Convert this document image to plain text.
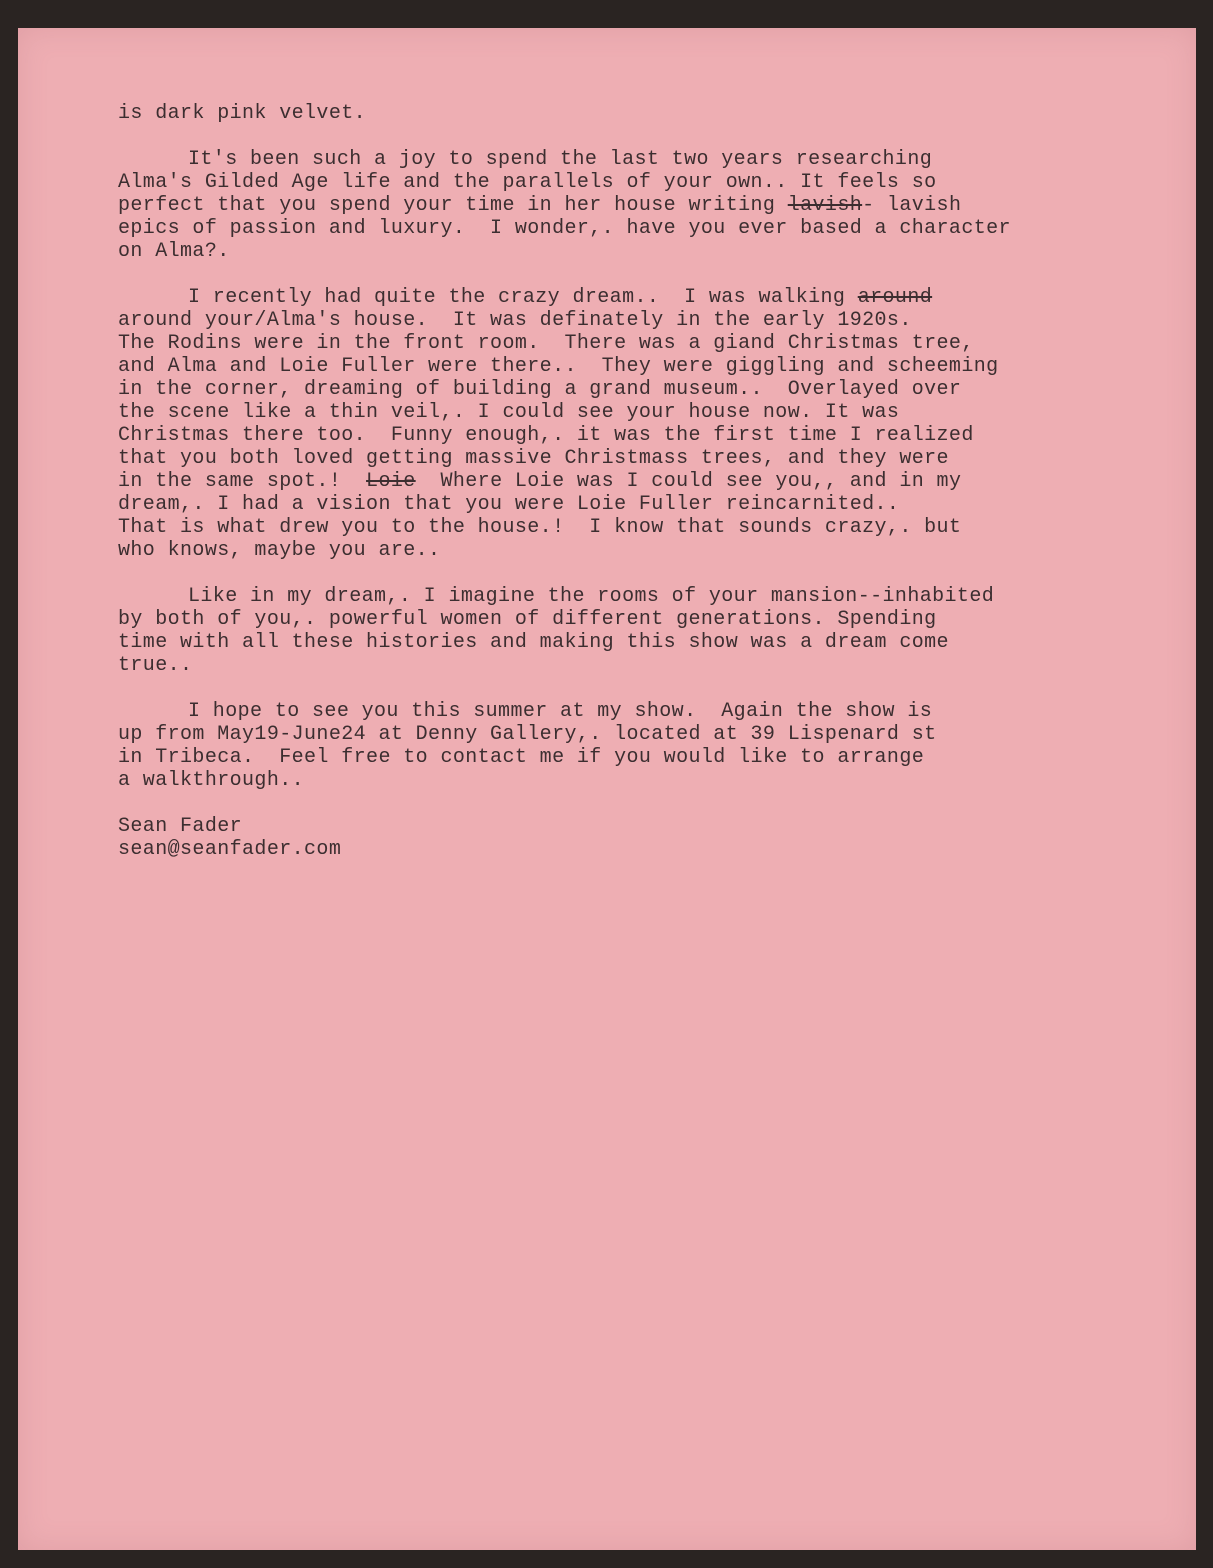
is dark pink velvet.
It's been such a joy to spend the last two years researching
Alma's Gilded Age life and the parallels of your own.. It feels so
perfect that you spend your time in her house writing lavish- lavish
epics of passion and luxury.  I wonder,. have you ever based a character
on Alma?.
I recently had quite the crazy dream..  I was walking around
around your/Alma's house.  It was definately in the early 1920s.
The Rodins were in the front room.  There was a giand Christmas tree,
and Alma and Loie Fuller were there..  They were giggling and scheeming
in the corner, dreaming of building a grand museum..  Overlayed over
the scene like a thin veil,. I could see your house now. It was
Christmas there too.  Funny enough,. it was the first time I realized
that you both loved getting massive Christmass trees, and they were
in the same spot.!  Loie  Where Loie was I could see you,, and in my
dream,. I had a vision that you were Loie Fuller reincarnited..
That is what drew you to the house.!  I know that sounds crazy,. but
who knows, maybe you are..
Like in my dream,. I imagine the rooms of your mansion--inhabited
by both of you,. powerful women of different generations. Spending
time with all these histories and making this show was a dream come
true..
I hope to see you this summer at my show.  Again the show is
up from May19-June24 at Denny Gallery,. located at 39 Lispenard st
in Tribeca.  Feel free to contact me if you would like to arrange
a walkthrough..
Sean Fader
sean@seanfader.com
